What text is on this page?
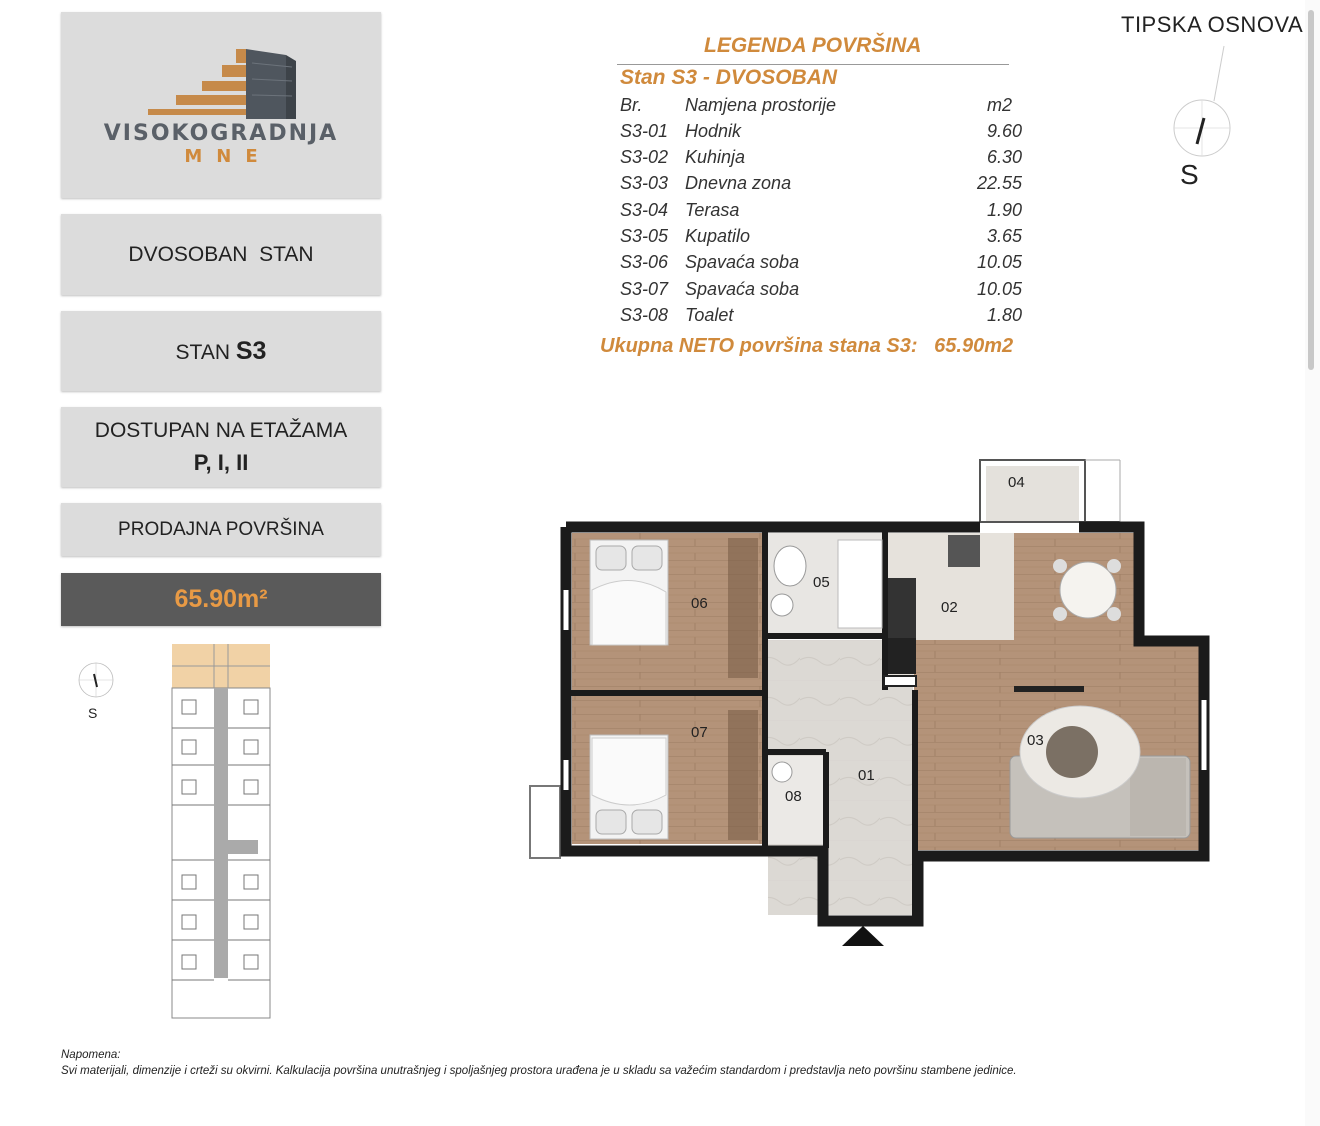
VISOKOGRADNJA
MNE
DVOSOBAN  STAN
STAN S3
DOSTUPAN NA ETAŽAMA
P, I, II
PRODAJNA POVRŠINA
65.90m²
S
LEGENDA POVRŠINA
Stan S3 - DVOSOBAN
Br. Namjena prostorije	m2
S3-01 Hodnik	9.60
S3-02 Kuhinja	6.30
S3-03 Dnevna zona	22.55
S3-04 Terasa	1.90
S3-05 Kupatilo	3.65
S3-06 Spavaća soba	10.05
S3-07 Spavaća soba	10.05
S3-08 Toalet	1.80
Ukupna NETO površina stana S3:   65.90m2
TIPSKA OSNOVA
S
01
02
03
04
05
06
07
08
Napomena:
Svi materijali, dimenzije i crteži su okvirni. Kalkulacija površina unutrašnjeg i spoljašnjeg prostora urađena je u skladu sa važećim standardom i predstavlja neto površinu stambene jedinice.
